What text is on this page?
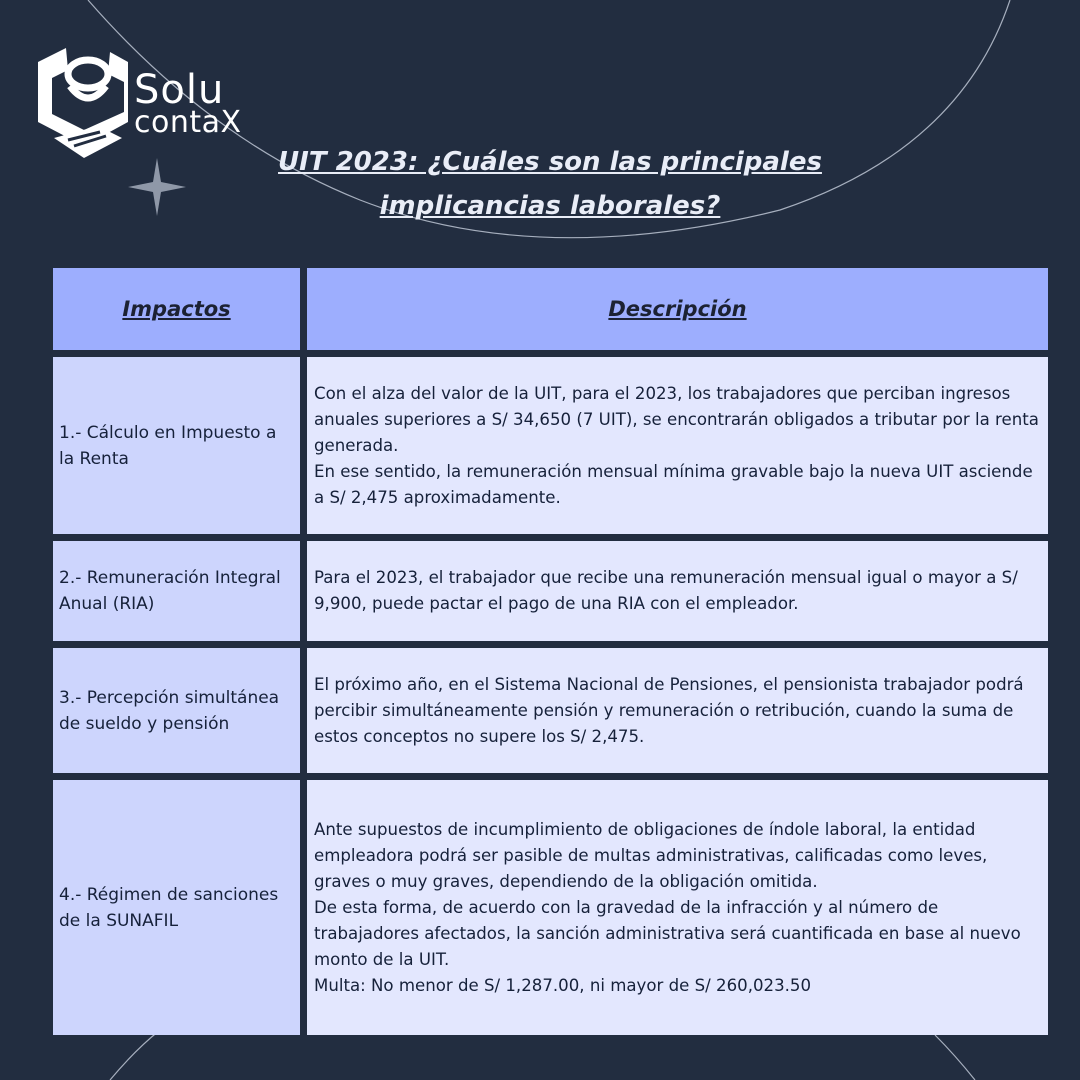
Solu
contaX
UIT 2023: ¿Cuáles son las principales
implicancias laborales?
Impactos	Descripción
1.- Cálculo en Impuesto a la Renta
Con el alza del valor de la UIT, para el 2023, los trabajadores que perciban ingresos anuales superiores a S/ 34,650 (7 UIT), se encontrarán obligados a tributar por la renta generada.
En ese sentido, la remuneración mensual mínima gravable bajo la nueva UIT asciende a S/ 2,475 aproximadamente.
2.- Remuneración Integral Anual (RIA)
Para el 2023, el trabajador que recibe una remuneración mensual igual o mayor a S/ 9,900, puede pactar el pago de una RIA con el empleador.
3.- Percepción simultánea de sueldo y pensión
El próximo año, en el Sistema Nacional de Pensiones, el pensionista trabajador podrá percibir simultáneamente pensión y remuneración o retribución, cuando la suma de estos conceptos no supere los S/ 2,475.
4.- Régimen de sanciones de la SUNAFIL
Ante supuestos de incumplimiento de obligaciones de índole laboral, la entidad empleadora podrá ser pasible de multas administrativas, calificadas como leves, graves o muy graves, dependiendo de la obligación omitida.
De esta forma, de acuerdo con la gravedad de la infracción y al número de trabajadores afectados, la sanción administrativa será cuantificada en base al nuevo monto de la UIT.
Multa: No menor de S/ 1,287.00, ni mayor de S/ 260,023.50
